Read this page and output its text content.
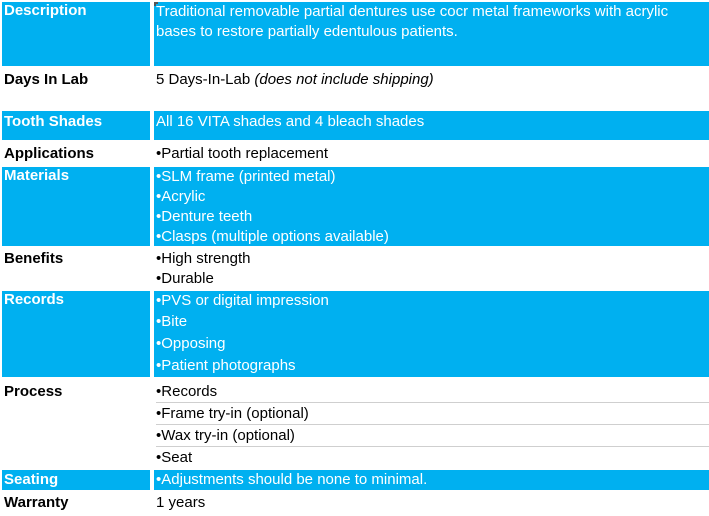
Description	Traditional removable partial dentures use cocr metal frameworks with acrylic
bases to restore partially edentulous patients.
Days In Lab	5 Days-In-Lab (does not include shipping)
Tooth Shades	All 16 VITA shades and 4 bleach shades
Applications	• Partial tooth replacement
Materials	• SLM frame (printed metal)
• Acrylic
• Denture teeth
• Clasps (multiple options available)
Benefits	• High strength
• Durable
Records	• PVS or digital impression
• Bite
• Opposing
• Patient photographs
Process	• Records
• Frame try-in (optional)
• Wax try-in (optional)
• Seat
Seating	• Adjustments should be none to minimal.
Warranty	1 years
